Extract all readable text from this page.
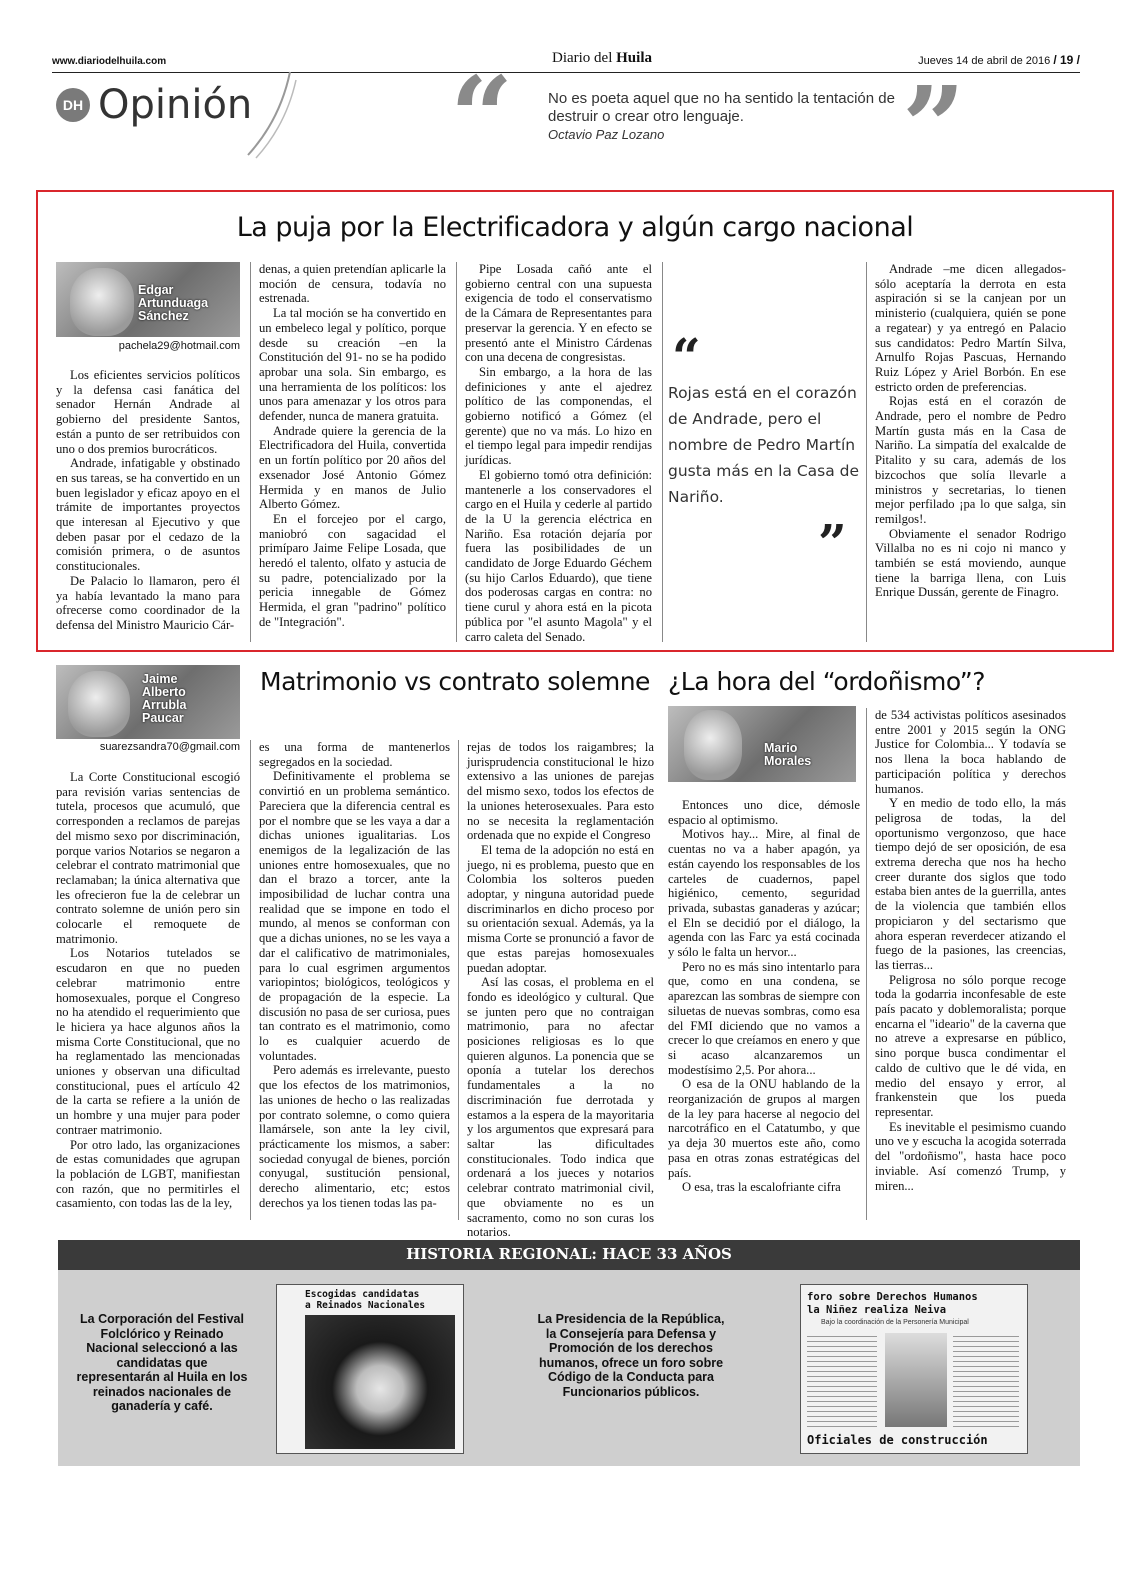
www.diariodelhuila.com	Diario del Huila	Jueves 14 de abril de 2016 / 19 /
DH Opinión “ No es poeta aquel que no ha sentido la tentación de destruir o crear otro lenguaje.
Octavio Paz Lozano	”
La puja por la Electrificadora y algún cargo nacional
Edgar
Artunduaga
Sánchez
pachela29@hotmail.com

Los eficientes servicios políticos y la defensa casi fanática del senador Hernán Andrade al gobierno del presidente Santos, están a punto de ser retribuidos con uno o dos premios burocráticos.

Andrade, infatigable y obstinado en sus tareas, se ha convertido en un buen legislador y eficaz apoyo en el trámite de importantes proyectos que interesan al Ejecutivo y que deben pasar por el cedazo de la comisión primera, o de asuntos constitucionales.

De Palacio lo llamaron, pero él ya había levantado la mano para ofrecerse como coordinador de la defensa del Ministro Mauricio Cár-

denas, a quien pretendían aplicarle la moción de censura, todavía no estrenada.

La tal moción se ha convertido en un embeleco legal y político, porque desde su creación –en la Constitución del 91- no se ha podido aprobar una sola. Sin embargo, es una herramienta de los políticos: los unos para amenazar y los otros para defender, nunca de manera gratuita.

Andrade quiere la gerencia de la Electrificadora del Huila, convertida en un fortín político por 20 años del exsenador José Antonio Gómez Hermida y en manos de Julio Alberto Gómez.

En el forcejeo por el cargo, maniobró con sagacidad el primíparo Jaime Felipe Losada, que heredó el talento, olfato y astucia de su padre, potencializado por la pericia innegable de Gómez Hermida, el gran "padrino" político de "Integración".

Pipe Losada cañó ante el gobierno central con una supuesta exigencia de todo el conservatismo de la Cámara de Representantes para preservar la gerencia. Y en efecto se presentó ante el Ministro Cárdenas con una decena de congresistas.

Sin embargo, a la hora de las definiciones y ante el ajedrez político de las componendas, el gobierno notificó a Gómez (el gerente) que no va más. Lo hizo en el tiempo legal para impedir rendijas jurídicas.

El gobierno tomó otra definición: mantenerle a los conservadores el cargo en el Huila y cederle al partido de la U la gerencia eléctrica en Nariño. Esa rotación dejaría por fuera las posibilidades de un candidato de Jorge Eduardo Géchem (su hijo Carlos Eduardo), que tiene dos poderosas cargas en contra: no tiene curul y ahora está en la picota pública por "el asunto Magola" y el carro caleta del Senado.

“
Rojas está en el corazón de Andrade, pero el nombre de Pedro Martín gusta más en la Casa de Nariño.
”

Andrade –me dicen allegados- sólo aceptaría la derrota en esta aspiración si se la canjean por un ministerio (cualquiera, quién se pone a regatear) y ya entregó en Palacio sus candidatos: Pedro Martín Silva, Arnulfo Rojas Pascuas, Hernando Ruiz López y Ariel Borbón. En ese estricto orden de preferencias.

Rojas está en el corazón de Andrade, pero el nombre de Pedro Martín gusta más en la Casa de Nariño. La simpatía del exalcalde de Pitalito y su cara, además de los bizcochos que solía llevarle a ministros y secretarias, lo tienen mejor perfilado ¡pa lo que salga, sin remilgos!.

Obviamente el senador Rodrigo Villalba no es ni cojo ni manco y también se está moviendo, aunque tiene la barriga llena, con Luis Enrique Dussán, gerente de Finagro.

Jaime
Alberto
Arrubla
Paucar
suarezsandra70@gmail.com
Matrimonio vs contrato solemne

La Corte Constitucional escogió para revisión varias sentencias de tutela, procesos que acumuló, que corresponden a reclamos de parejas del mismo sexo por discriminación, porque varios Notarios se negaron a celebrar el contrato matrimonial que reclamaban; la única alternativa que les ofrecieron fue la de celebrar un contrato solemne de unión pero sin colocarle el remoquete de matrimonio.

Los Notarios tutelados se escudaron en que no pueden celebrar matrimonio entre homosexuales, porque el Congreso no ha atendido el requerimiento que le hiciera ya hace algunos años la misma Corte Constitucional, que no ha reglamentado las mencionadas uniones y observan una dificultad constitucional, pues el artículo 42 de la carta se refiere a la unión de un hombre y una mujer para poder contraer matrimonio.

Por otro lado, las organizaciones de estas comunidades que agrupan la población de LGBT, manifiestan con razón, que no permitirles el casamiento, con todas las de la ley,

es una forma de mantenerlos segregados en la sociedad.

Definitivamente el problema se convirtió en un problema semántico. Pareciera que la diferencia central es por el nombre que se les vaya a dar a dichas uniones igualitarias. Los enemigos de la legalización de las uniones entre homosexuales, que no dan el brazo a torcer, ante la imposibilidad de luchar contra una realidad que se impone en todo el mundo, al menos se conforman con que a dichas uniones, no se les vaya a dar el calificativo de matrimoniales, para lo cual esgrimen argumentos variopintos; biológicos, teológicos y de propagación de la especie. La discusión no pasa de ser curiosa, pues tan contrato es el matrimonio, como lo es cualquier acuerdo de voluntades.

Pero además es irrelevante, puesto que los efectos de los matrimonios, las uniones de hecho o las realizadas por contrato solemne, o como quiera llamársele, son ante la ley civil, prácticamente los mismos, a saber: sociedad conyugal de bienes, porción conyugal, sustitución pensional, derecho alimentario, etc; estos derechos ya los tienen todas las pa-

rejas de todos los raigambres; la jurisprudencia constitucional le hizo extensivo a las uniones de parejas del mismo sexo, todos los efectos de la uniones heterosexuales. Para esto no se necesita la reglamentación ordenada que no expide el Congreso

El tema de la adopción no está en juego, ni es problema, puesto que en Colombia los solteros pueden adoptar, y ninguna autoridad puede discriminarlos en dicho proceso por su orientación sexual. Además, ya la misma Corte se pronunció a favor de que estas parejas homosexuales puedan adoptar.

Así las cosas, el problema en el fondo es ideológico y cultural. Que se junten pero que no contraigan matrimonio, para no afectar posiciones religiosas es lo que quieren algunos. La ponencia que se oponía a tutelar los derechos fundamentales a la no discriminación fue derrotada y estamos a la espera de la mayoritaria y los argumentos que expresará para saltar las dificultades constitucionales. Todo indica que ordenará a los jueces y notarios celebrar contrato matrimonial civil, que obviamente no es un sacramento, como no son curas los notarios.

¿La hora del “ordoñismo”?
Mario
Morales

Entonces uno dice, démosle espacio al optimismo.

Motivos hay... Mire, al final de cuentas no va a haber apagón, ya están cayendo los responsables de los carteles de cuadernos, papel higiénico, cemento, seguridad privada, subastas ganaderas y azúcar; el Eln se decidió por el diálogo, la agenda con las Farc ya está cocinada y sólo le falta un hervor...

Pero no es más sino intentarlo para que, como en una condena, se aparezcan las sombras de siempre con siluetas de nuevas sombras, como esa del FMI diciendo que no vamos a crecer lo que creíamos en enero y que si acaso alcanzaremos un modestísimo 2,5. Por ahora...

O esa de la ONU hablando de la reorganización de grupos al margen de la ley para hacerse al negocio del narcotráfico en el Catatumbo, y que ya deja 30 muertos este año, como pasa en otras zonas estratégicas del país.

O esa, tras la escalofriante cifra

de 534 activistas políticos asesinados entre 2001 y 2015 según la ONG Justice for Colombia... Y todavía se nos llena la boca hablando de participación política y derechos humanos.

Y en medio de todo ello, la más peligrosa de todas, la del oportunismo vergonzoso, que hace tiempo dejó de ser oposición, de esa extrema derecha que nos ha hecho creer durante dos siglos que todo estaba bien antes de la guerrilla, antes de la violencia que también ellos propiciaron y del sectarismo que ahora esperan reverdecer atizando el fuego de la pasiones, las creencias, las tierras...

Peligrosa no sólo porque recoge toda la godarria inconfesable de este país pacato y doblemoralista; porque encarna el "ideario" de la caverna que no atreve a expresarse en público, sino porque busca condimentar el caldo de cultivo que le dé vida, en medio del ensayo y error, al frankenstein que los pueda representar.

Es inevitable el pesimismo cuando uno ve y escucha la acogida soterrada del "ordoñismo", hasta hace poco inviable. Así comenzó Trump, y miren...

HISTORIA REGIONAL: HACE 33 AÑOS
La Corporación del Festival Folclórico y Reinado Nacional seleccionó a las candidatas que representarán al Huila en los reinados nacionales de ganadería y café.
Escogidas candidatas
a Reinados Nacionales
La Presidencia de la República, la Consejería para Defensa y Promoción de los derechos humanos, ofrece un foro sobre Código de la Conducta para Funcionarios públicos.
foro sobre Derechos Humanos
la Niñez realiza Neiva
Bajo la coordinación de la Personería Municipal
Oficiales de construcción
